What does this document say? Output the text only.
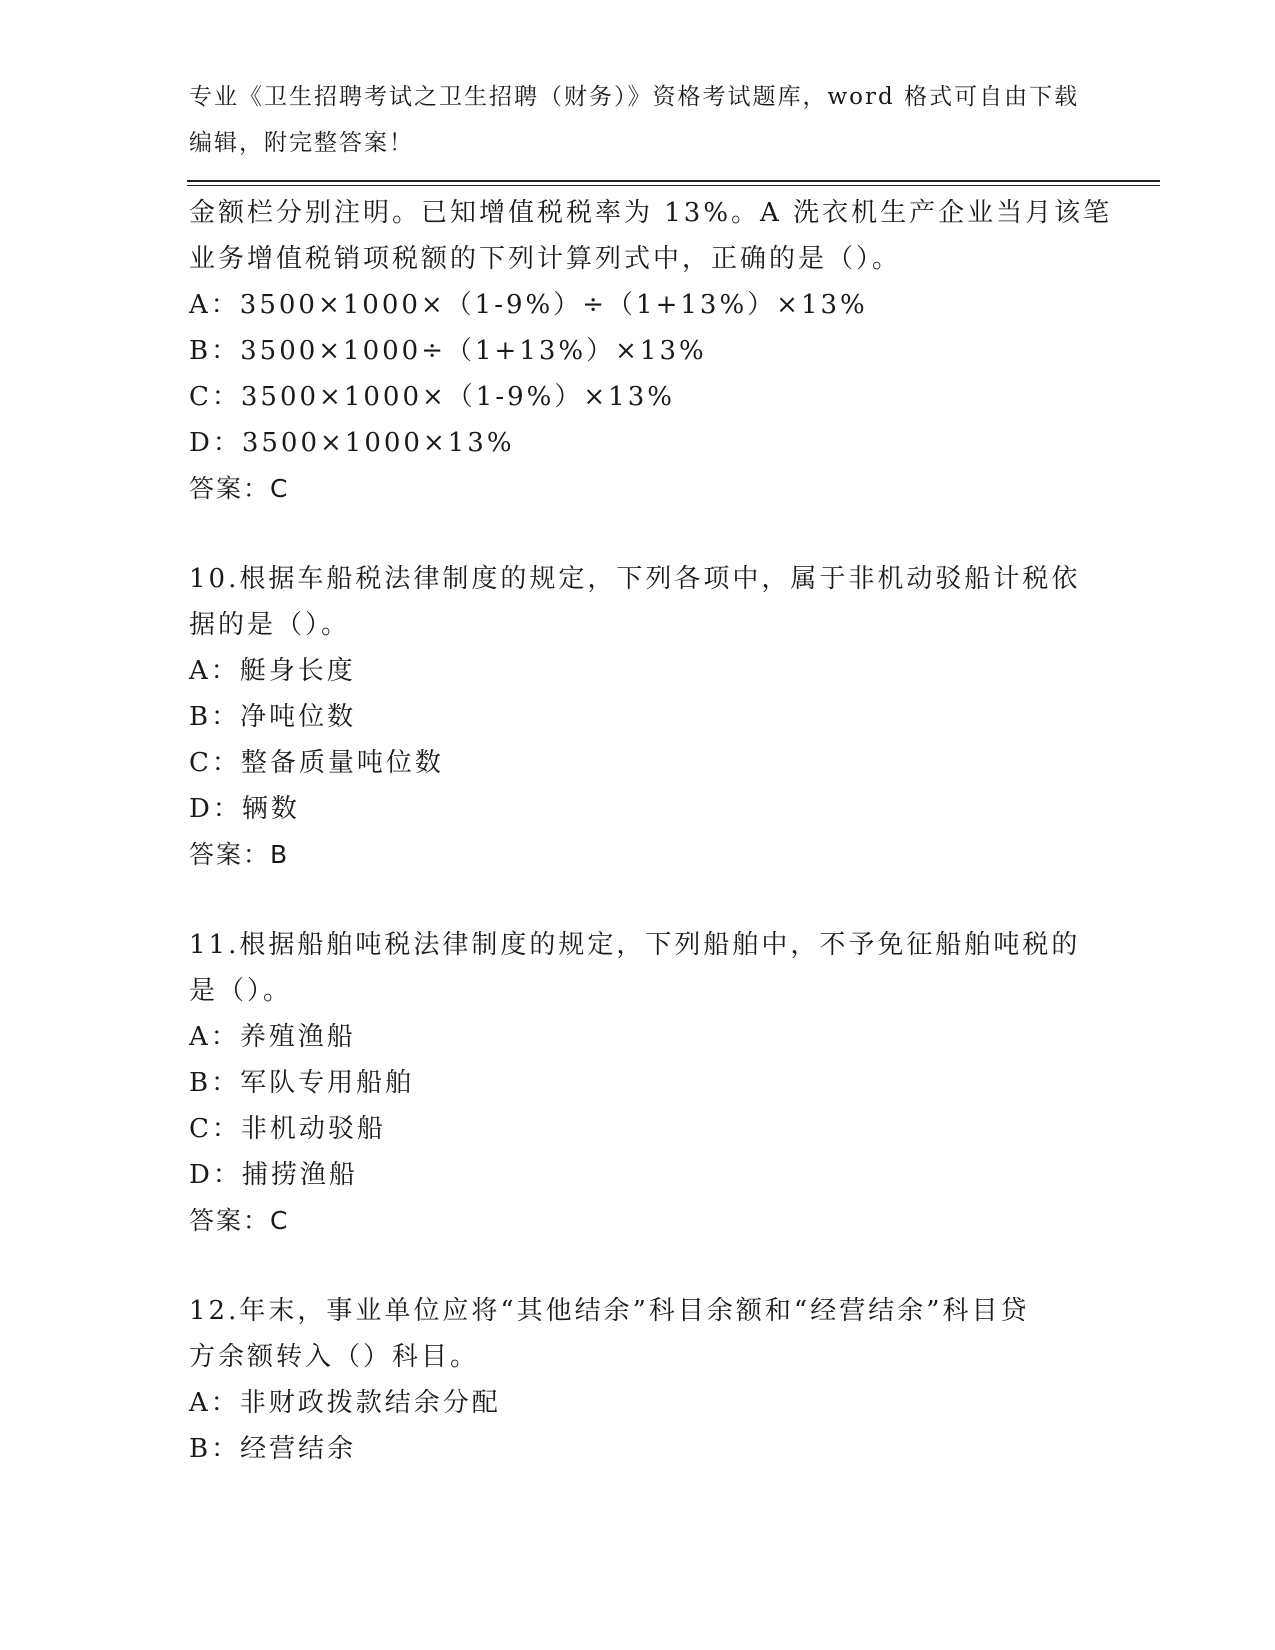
专业《卫生招聘考试之卫生招聘（财务）》资格考试题库，word 格式可自由下载
编辑，附完整答案！
金额栏分别注明。已知增值税税率为 13%。A 洗衣机生产企业当月该笔
业务增值税销项税额的下列计算列式中，正确的是（）。
A：3500×1000×（1-9%）÷（1+13%）×13%
B：3500×1000÷（1+13%）×13%
C：3500×1000×（1-9%）×13%
D：3500×1000×13%
答案：C
10.根据车船税法律制度的规定，下列各项中，属于非机动驳船计税依
据的是（）。
A：艇身长度
B：净吨位数
C：整备质量吨位数
D：辆数
答案：B
11.根据船舶吨税法律制度的规定，下列船舶中，不予免征船舶吨税的
是（）。
A：养殖渔船
B：军队专用船舶
C：非机动驳船
D：捕捞渔船
答案：C
12.年末，事业单位应将“其他结余”科目余额和“经营结余”科目贷
方余额转入（）科目。
A：非财政拨款结余分配
B：经营结余
